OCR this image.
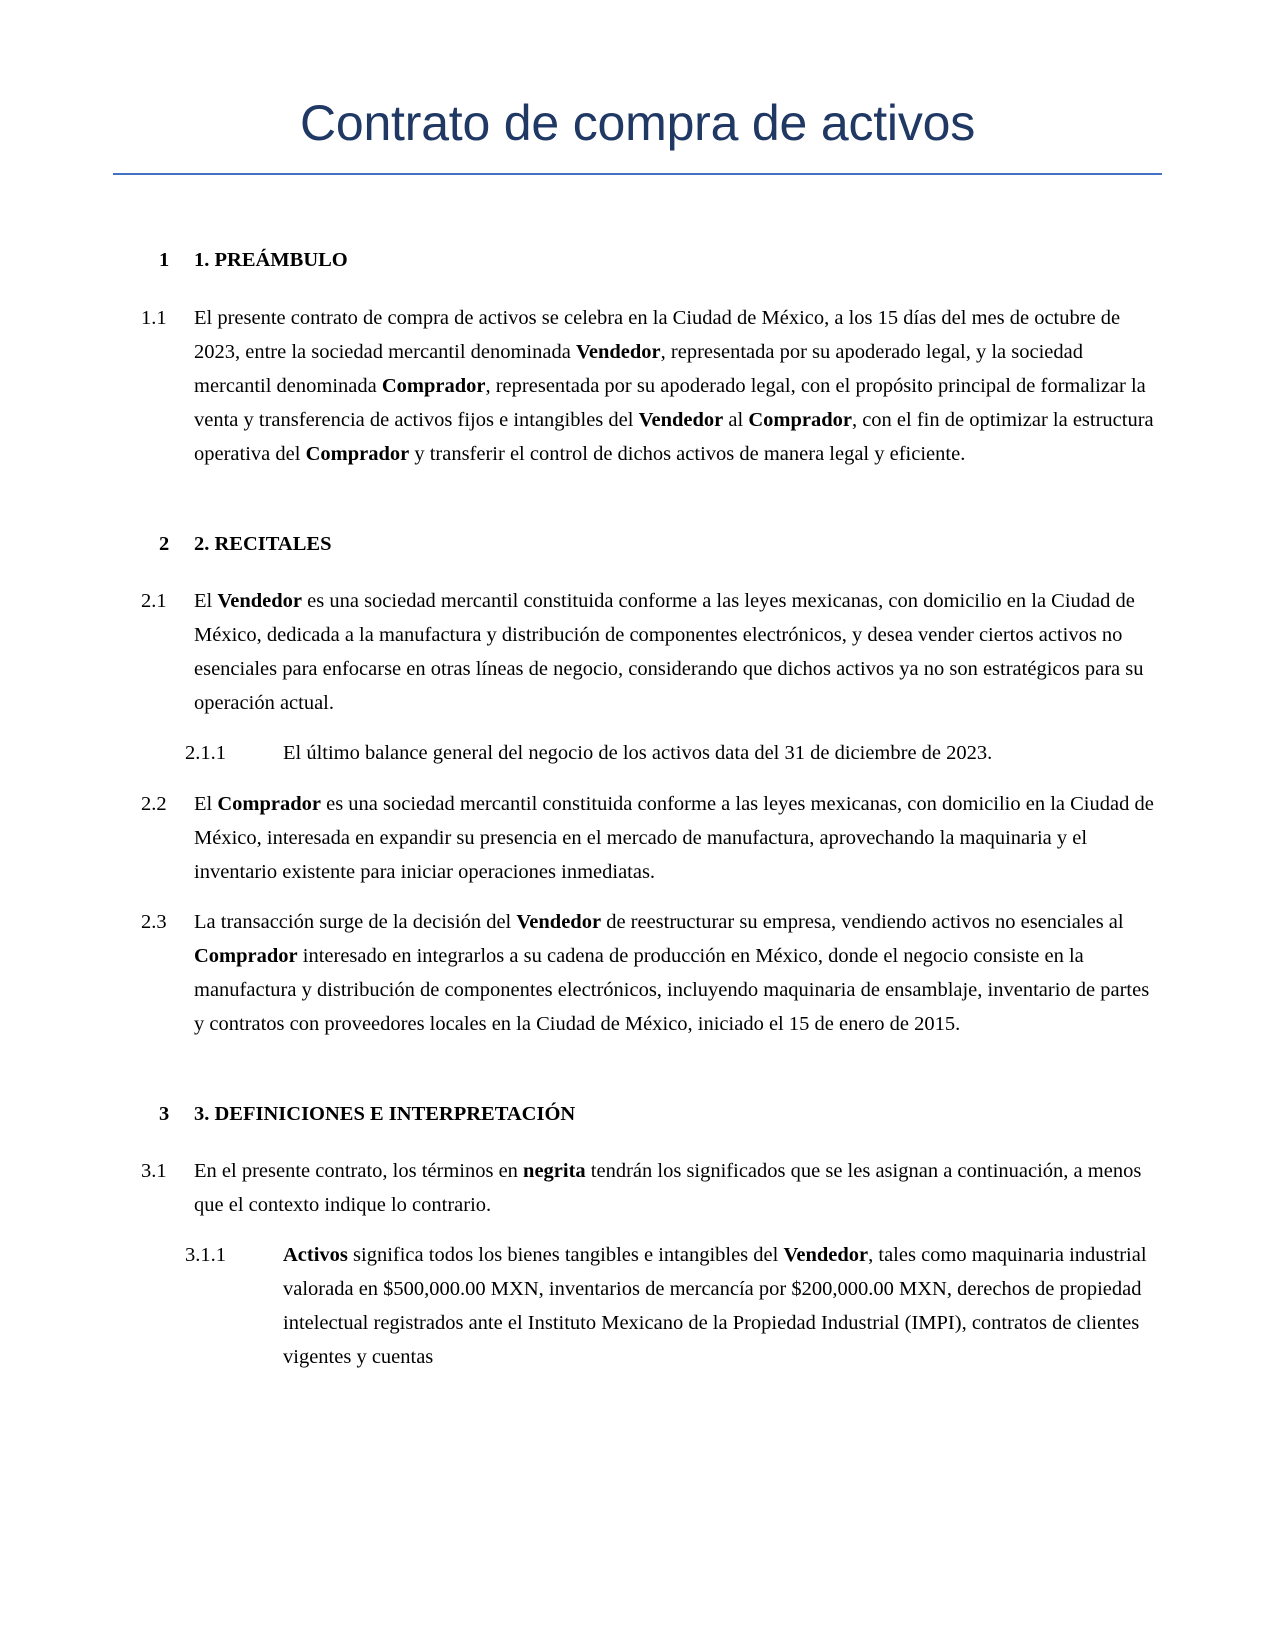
Contrato de compra de activos
1	1. PREÁMBULO
1.1	El presente contrato de compra de activos se celebra en la Ciudad de México, a los 15 días del mes de octubre de 2023, entre la sociedad mercantil denominada Vendedor, representada por su apoderado legal, y la sociedad mercantil denominada Comprador, representada por su apoderado legal, con el propósito principal de formalizar la venta y transferencia de activos fijos e intangibles del Vendedor al Comprador, con el fin de optimizar la estructura operativa del Comprador y transferir el control de dichos activos de manera legal y eficiente.
2	2. RECITALES
2.1	El Vendedor es una sociedad mercantil constituida conforme a las leyes mexicanas, con domicilio en la Ciudad de México, dedicada a la manufactura y distribución de componentes electrónicos, y desea vender ciertos activos no esenciales para enfocarse en otras líneas de negocio, considerando que dichos activos ya no son estratégicos para su operación actual.
2.1.1	El último balance general del negocio de los activos data del 31 de diciembre de 2023.
2.2	El Comprador es una sociedad mercantil constituida conforme a las leyes mexicanas, con domicilio en la Ciudad de México, interesada en expandir su presencia en el mercado de manufactura, aprovechando la maquinaria y el inventario existente para iniciar operaciones inmediatas.
2.3	La transacción surge de la decisión del Vendedor de reestructurar su empresa, vendiendo activos no esenciales al Comprador interesado en integrarlos a su cadena de producción en México, donde el negocio consiste en la manufactura y distribución de componentes electrónicos, incluyendo maquinaria de ensamblaje, inventario de partes y contratos con proveedores locales en la Ciudad de México, iniciado el 15 de enero de 2015.
3	3. DEFINICIONES E INTERPRETACIÓN
3.1	En el presente contrato, los términos en negrita tendrán los significados que se les asignan a continuación, a menos que el contexto indique lo contrario.
3.1.1	Activos significa todos los bienes tangibles e intangibles del Vendedor, tales como maquinaria industrial valorada en $500,000.00 MXN, inventarios de mercancía por $200,000.00 MXN, derechos de propiedad intelectual registrados ante el Instituto Mexicano de la Propiedad Industrial (IMPI), contratos de clientes vigentes y cuentas
